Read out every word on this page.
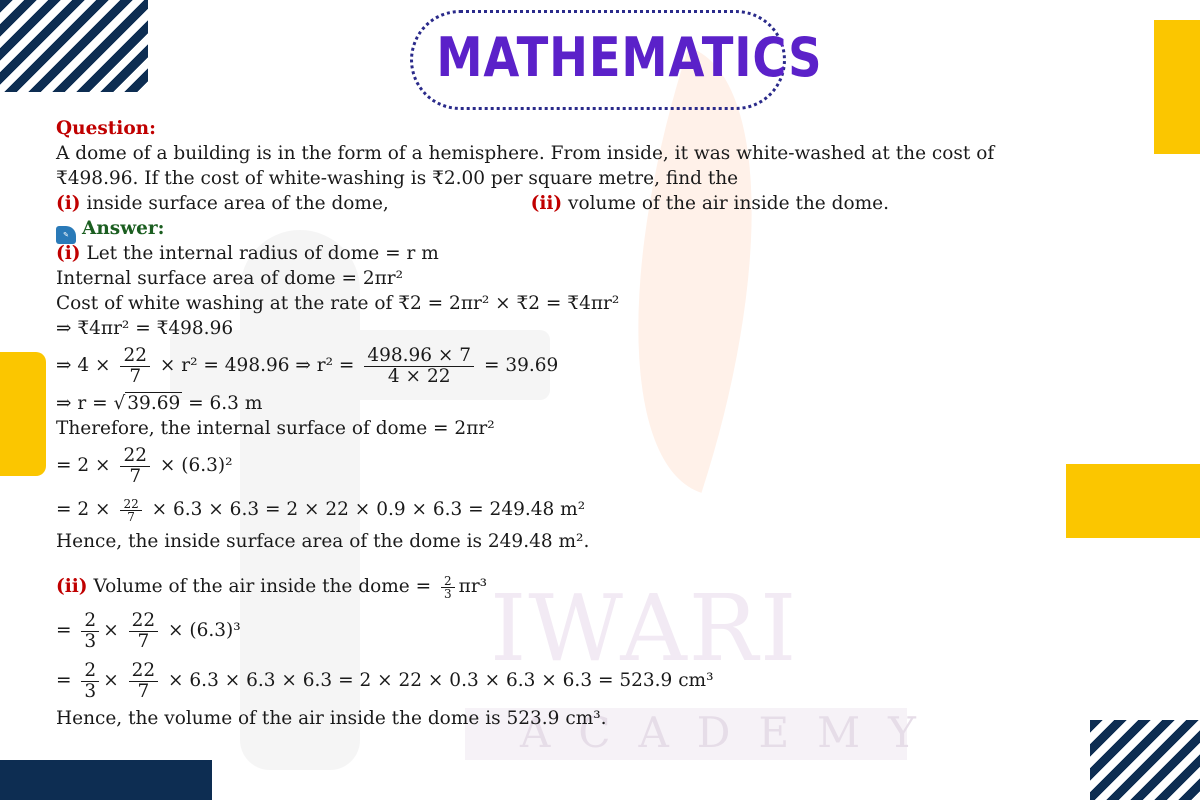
IWARI
ACADEMY
MATHEMATICS
Question:
A dome of a building is in the form of a hemisphere. From inside, it was white-washed at the cost of
₹498.96. If the cost of white-washing is ₹2.00 per square metre, find the
(i) inside surface area of the dome,	(ii) volume of the air inside the dome.
✎ Answer:
(i) Let the internal radius of dome = r m
Internal surface area of dome = 2πr²
Cost of white washing at the rate of ₹2 = 2πr² × ₹2 = ₹4πr²
⇒ ₹4πr² = ₹498.96
⇒ $4 \times \frac{22}{7} \times r^2 = 498.96$ ⇒ $r^2 = \frac{498.96 \times 7}{4 \times 22} = 39.69$
⇒ r = √ 39.69 = 6.3 m
Therefore, the internal surface of dome = 2πr²
= $2 \times \frac{22}{7} \times (6.3)^2$
= $2 \times \frac{22}{7} \times 6.3 \times 6.3 = 2 \times 22 \times 0.9 \times 6.3 = 249.48$ m²
Hence, the inside surface area of the dome is 249.48 m².
(ii) Volume of the air inside the dome = $\frac{2}{3} \pi r^3$
= $\frac{2}{3} \times \frac{22}{7} \times (6.3)^3$
= $\frac{2}{3} \times \frac{22}{7} \times 6.3 \times 6.3 \times 6.3 = 2 \times 22 \times 0.3 \times 6.3 \times 6.3 = 523.9$ cm³
Hence, the volume of the air inside the dome is 523.9 cm³.
